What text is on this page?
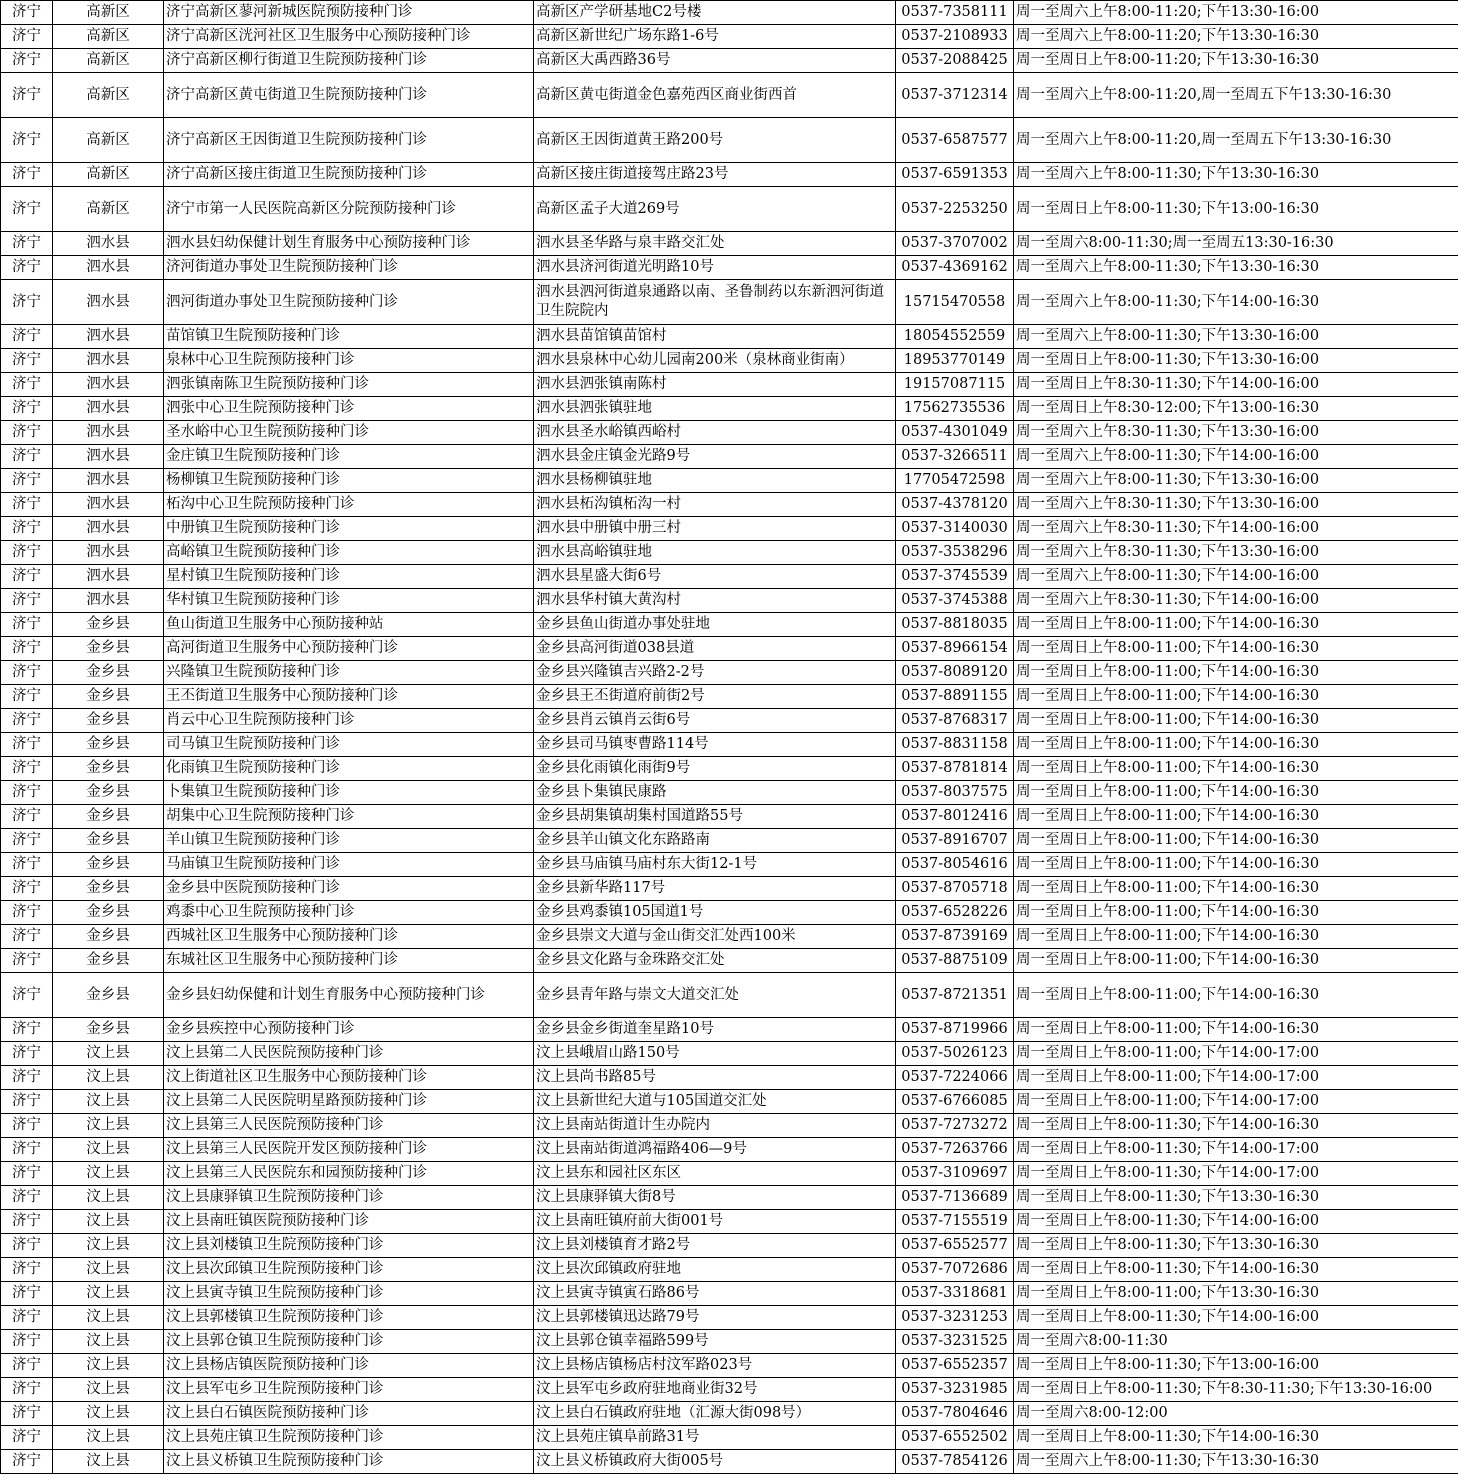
济宁	高新区	济宁高新区蓼河新城医院预防接种门诊	高新区产学研基地C2号楼	0537-7358111	周一至周六上午8:00-11:20;下午13:30-16:00
济宁	高新区	济宁高新区洸河社区卫生服务中心预防接种门诊	高新区新世纪广场东路1-6号	0537-2108933	周一至周六上午8:00-11:20;下午13:30-16:30
济宁	高新区	济宁高新区柳行街道卫生院预防接种门诊	高新区大禹西路36号	0537-2088425	周一至周日上午8:00-11:20;下午13:30-16:30
济宁	高新区	济宁高新区黄屯街道卫生院预防接种门诊	高新区黄屯街道金色嘉苑西区商业街西首	0537-3712314	周一至周六上午8:00-11:20,周一至周五下午13:30-16:30
济宁	高新区	济宁高新区王因街道卫生院预防接种门诊	高新区王因街道黄王路200号	0537-6587577	周一至周六上午8:00-11:20,周一至周五下午13:30-16:30
济宁	高新区	济宁高新区接庄街道卫生院预防接种门诊	高新区接庄街道接驾庄路23号	0537-6591353	周一至周六上午8:00-11:30;下午13:30-16:30
济宁	高新区	济宁市第一人民医院高新区分院预防接种门诊	高新区孟子大道269号	0537-2253250	周一至周日上午8:00-11:30;下午13:00-16:30
济宁	泗水县	泗水县妇幼保健计划生育服务中心预防接种门诊	泗水县圣华路与泉丰路交汇处	0537-3707002	周一至周六8:00-11:30;周一至周五13:30-16:30
济宁	泗水县	济河街道办事处卫生院预防接种门诊	泗水县济河街道光明路10号	0537-4369162	周一至周六上午8:00-11:30;下午13:30-16:30
济宁	泗水县	泗河街道办事处卫生院预防接种门诊	泗水县泗河街道泉通路以南、圣鲁制药以东新泗河街道卫生院院内	15715470558	周一至周六上午8:00-11:30;下午14:00-16:30
济宁	泗水县	苗馆镇卫生院预防接种门诊	泗水县苗馆镇苗馆村	18054552559	周一至周六上午8:00-11:30;下午13:30-16:00
济宁	泗水县	泉林中心卫生院预防接种门诊	泗水县泉林中心幼儿园南200米（泉林商业街南）	18953770149	周一至周日上午8:00-11:30;下午13:30-16:00
济宁	泗水县	泗张镇南陈卫生院预防接种门诊	泗水县泗张镇南陈村	19157087115	周一至周日上午8:30-11:30;下午14:00-16:00
济宁	泗水县	泗张中心卫生院预防接种门诊	泗水县泗张镇驻地	17562735536	周一至周日上午8:30-12:00;下午13:00-16:30
济宁	泗水县	圣水峪中心卫生院预防接种门诊	泗水县圣水峪镇西峪村	0537-4301049	周一至周六上午8:30-11:30;下午13:30-16:00
济宁	泗水县	金庄镇卫生院预防接种门诊	泗水县金庄镇金光路9号	0537-3266511	周一至周六上午8:00-11:30;下午14:00-16:00
济宁	泗水县	杨柳镇卫生院预防接种门诊	泗水县杨柳镇驻地	17705472598	周一至周六上午8:00-11:30;下午13:30-16:00
济宁	泗水县	柘沟中心卫生院预防接种门诊	泗水县柘沟镇柘沟一村	0537-4378120	周一至周六上午8:30-11:30;下午13:30-16:00
济宁	泗水县	中册镇卫生院预防接种门诊	泗水县中册镇中册三村	0537-3140030	周一至周六上午8:30-11:30;下午14:00-16:00
济宁	泗水县	高峪镇卫生院预防接种门诊	泗水县高峪镇驻地	0537-3538296	周一至周六上午8:30-11:30;下午13:30-16:00
济宁	泗水县	星村镇卫生院预防接种门诊	泗水县星盛大街6号	0537-3745539	周一至周六上午8:00-11:30;下午14:00-16:00
济宁	泗水县	华村镇卫生院预防接种门诊	泗水县华村镇大黄沟村	0537-3745388	周一至周六上午8:30-11:30;下午14:00-16:00
济宁	金乡县	鱼山街道卫生服务中心预防接种站	金乡县鱼山街道办事处驻地	0537-8818035	周一至周日上午8:00-11:00;下午14:00-16:30
济宁	金乡县	高河街道卫生服务中心预防接种门诊	金乡县高河街道038县道	0537-8966154	周一至周日上午8:00-11:00;下午14:00-16:30
济宁	金乡县	兴隆镇卫生院预防接种门诊	金乡县兴隆镇吉兴路2-2号	0537-8089120	周一至周日上午8:00-11:00;下午14:00-16:30
济宁	金乡县	王丕街道卫生服务中心预防接种门诊	金乡县王丕街道府前街2号	0537-8891155	周一至周日上午8:00-11:00;下午14:00-16:30
济宁	金乡县	肖云中心卫生院预防接种门诊	金乡县肖云镇肖云街6号	0537-8768317	周一至周日上午8:00-11:00;下午14:00-16:30
济宁	金乡县	司马镇卫生院预防接种门诊	金乡县司马镇枣曹路114号	0537-8831158	周一至周日上午8:00-11:00;下午14:00-16:30
济宁	金乡县	化雨镇卫生院预防接种门诊	金乡县化雨镇化雨街9号	0537-8781814	周一至周日上午8:00-11:00;下午14:00-16:30
济宁	金乡县	卜集镇卫生院预防接种门诊	金乡县卜集镇民康路	0537-8037575	周一至周日上午8:00-11:00;下午14:00-16:30
济宁	金乡县	胡集中心卫生院预防接种门诊	金乡县胡集镇胡集村国道路55号	0537-8012416	周一至周日上午8:00-11:00;下午14:00-16:30
济宁	金乡县	羊山镇卫生院预防接种门诊	金乡县羊山镇文化东路路南	0537-8916707	周一至周日上午8:00-11:00;下午14:00-16:30
济宁	金乡县	马庙镇卫生院预防接种门诊	金乡县马庙镇马庙村东大街12-1号	0537-8054616	周一至周日上午8:00-11:00;下午14:00-16:30
济宁	金乡县	金乡县中医院预防接种门诊	金乡县新华路117号	0537-8705718	周一至周日上午8:00-11:00;下午14:00-16:30
济宁	金乡县	鸡黍中心卫生院预防接种门诊	金乡县鸡黍镇105国道1号	0537-6528226	周一至周日上午8:00-11:00;下午14:00-16:30
济宁	金乡县	西城社区卫生服务中心预防接种门诊	金乡县崇文大道与金山街交汇处西100米	0537-8739169	周一至周日上午8:00-11:00;下午14:00-16:30
济宁	金乡县	东城社区卫生服务中心预防接种门诊	金乡县文化路与金珠路交汇处	0537-8875109	周一至周日上午8:00-11:00;下午14:00-16:30
济宁	金乡县	金乡县妇幼保健和计划生育服务中心预防接种门诊	金乡县青年路与崇文大道交汇处	0537-8721351	周一至周日上午8:00-11:00;下午14:00-16:30
济宁	金乡县	金乡县疾控中心预防接种门诊	金乡县金乡街道奎星路10号	0537-8719966	周一至周日上午8:00-11:00;下午14:00-16:30
济宁	汶上县	汶上县第二人民医院预防接种门诊	汶上县峨眉山路150号	0537-5026123	周一至周日上午8:00-11:00;下午14:00-17:00
济宁	汶上县	汶上街道社区卫生服务中心预防接种门诊	汶上县尚书路85号	0537-7224066	周一至周日上午8:00-11:00;下午14:00-17:00
济宁	汶上县	汶上县第二人民医院明星路预防接种门诊	汶上县新世纪大道与105国道交汇处	0537-6766085	周一至周日上午8:00-11:00;下午14:00-17:00
济宁	汶上县	汶上县第三人民医院预防接种门诊	汶上县南站街道计生办院内	0537-7273272	周一至周日上午8:00-11:30;下午14:00-16:30
济宁	汶上县	汶上县第三人民医院开发区预防接种门诊	汶上县南站街道鸿福路406—9号	0537-7263766	周一至周日上午8:00-11:30;下午14:00-17:00
济宁	汶上县	汶上县第三人民医院东和园预防接种门诊	汶上县东和园社区东区	0537-3109697	周一至周日上午8:00-11:30;下午14:00-17:00
济宁	汶上县	汶上县康驿镇卫生院预防接种门诊	汶上县康驿镇大街8号	0537-7136689	周一至周日上午8:00-11:30;下午13:30-16:30
济宁	汶上县	汶上县南旺镇医院预防接种门诊	汶上县南旺镇府前大街001号	0537-7155519	周一至周日上午8:00-11:30;下午14:00-16:00
济宁	汶上县	汶上县刘楼镇卫生院预防接种门诊	汶上县刘楼镇育才路2号	0537-6552577	周一至周日上午8:00-11:30;下午13:30-16:30
济宁	汶上县	汶上县次邱镇卫生院预防接种门诊	汶上县次邱镇政府驻地	0537-7072686	周一至周日上午8:00-11:30;下午14:00-16:30
济宁	汶上县	汶上县寅寺镇卫生院预防接种门诊	汶上县寅寺镇寅石路86号	0537-3318681	周一至周日上午8:00-11:00;下午13:30-16:30
济宁	汶上县	汶上县郭楼镇卫生院预防接种门诊	汶上县郭楼镇迅达路79号	0537-3231253	周一至周日上午8:00-11:30;下午14:00-16:00
济宁	汶上县	汶上县郭仓镇卫生院预防接种门诊	汶上县郭仓镇幸福路599号	0537-3231525	周一至周六8:00-11:30
济宁	汶上县	汶上县杨店镇医院预防接种门诊	汶上县杨店镇杨店村汶军路023号	0537-6552357	周一至周日上午8:00-11:30;下午13:00-16:00
济宁	汶上县	汶上县军屯乡卫生院预防接种门诊	汶上县军屯乡政府驻地商业街32号	0537-3231985	周一至周日上午8:00-11:30;下午8:30-11:30;下午13:30-16:00
济宁	汶上县	汶上县白石镇医院预防接种门诊	汶上县白石镇政府驻地（汇源大街098号）	0537-7804646	周一至周六8:00-12:00
济宁	汶上县	汶上县苑庄镇卫生院预防接种门诊	汶上县苑庄镇阜前路31号	0537-6552502	周一至周日上午8:00-11:30;下午14:00-16:30
济宁	汶上县	汶上县义桥镇卫生院预防接种门诊	汶上县义桥镇政府大街005号	0537-7854126	周一至周六上午8:00-11:30;下午13:30-16:30
